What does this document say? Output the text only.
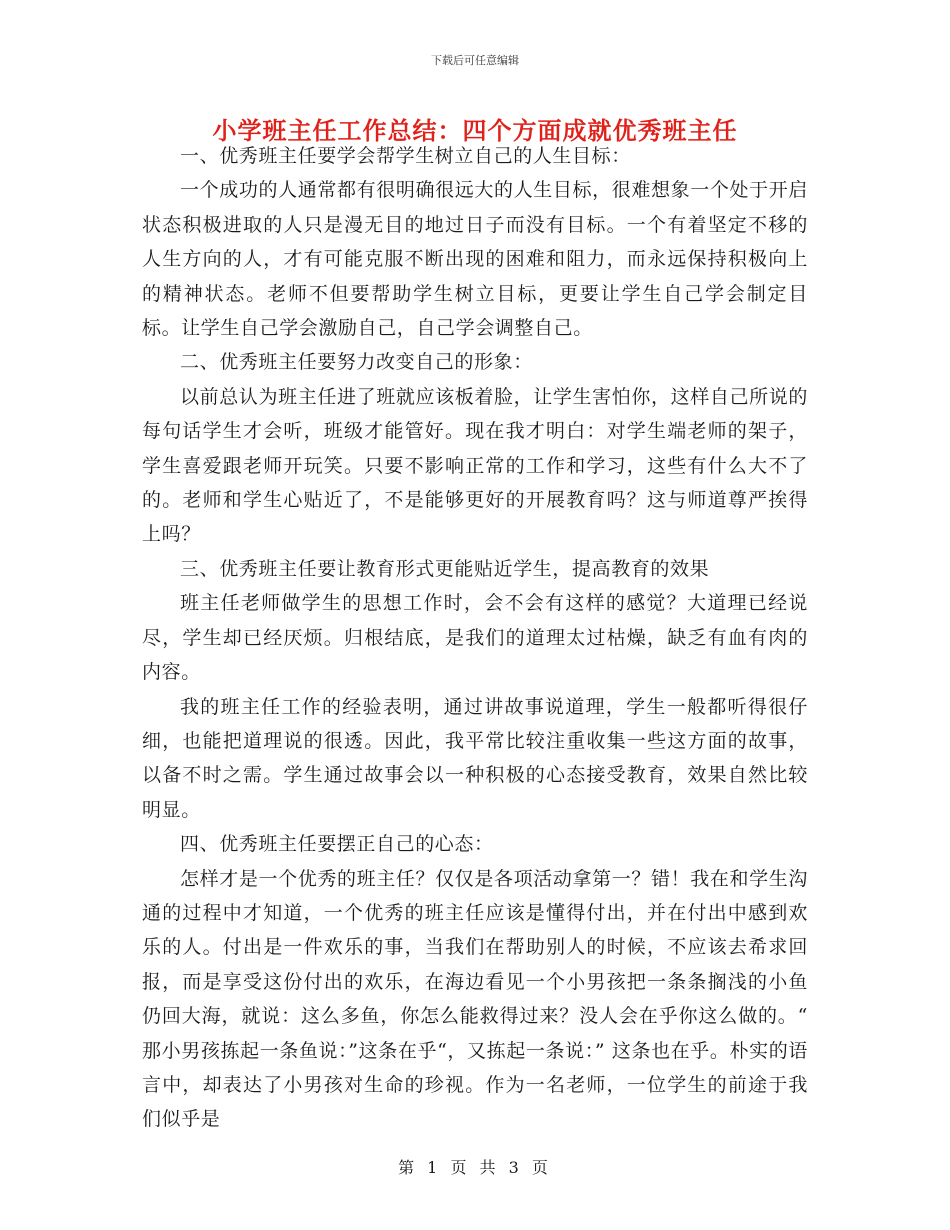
下载后可任意编辑
小学班主任工作总结：四个方面成就优秀班主任

一、优秀班主任要学会帮学生树立自己的人生目标：

一个成功的人通常都有很明确很远大的人生目标，很难想象一个处于开启状态积极进取的人只是漫无目的地过日子而没有目标。一个有着坚定不移的人生方向的人，才有可能克服不断出现的困难和阻力，而永远保持积极向上的精神状态。老师不但要帮助学生树立目标，更要让学生自己学会制定目标。让学生自己学会激励自己，自己学会调整自己。

二、优秀班主任要努力改变自己的形象：

以前总认为班主任进了班就应该板着脸，让学生害怕你，这样自己所说的每句话学生才会听，班级才能管好。现在我才明白：对学生端老师的架子，学生喜爱跟老师开玩笑。只要不影响正常的工作和学习，这些有什么大不了的。老师和学生心贴近了，不是能够更好的开展教育吗？这与师道尊严挨得上吗？

三、优秀班主任要让教育形式更能贴近学生，提高教育的效果

班主任老师做学生的思想工作时，会不会有这样的感觉？大道理已经说尽，学生却已经厌烦。归根结底，是我们的道理太过枯燥，缺乏有血有肉的内容。

我的班主任工作的经验表明，通过讲故事说道理，学生一般都听得很仔细，也能把道理说的很透。因此，我平常比较注重收集一些这方面的故事，以备不时之需。学生通过故事会以一种积极的心态接受教育，效果自然比较明显。

四、优秀班主任要摆正自己的心态：

怎样才是一个优秀的班主任？仅仅是各项活动拿第一？错！我在和学生沟通的过程中才知道，一个优秀的班主任应该是懂得付出，并在付出中感到欢乐的人。付出是一件欢乐的事，当我们在帮助别人的时候，不应该去希求回报，而是享受这份付出的欢乐，在海边看见一个小男孩把一条条搁浅的小鱼仍回大海，就说：这么多鱼，你怎么能救得过来？没人会在乎你这么做的。“ 那小男孩拣起一条鱼说：”这条在乎“，又拣起一条说：” 这条也在乎。朴实的语言中，却表达了小男孩对生命的珍视。作为一名老师，一位学生的前途于我们似乎是

第 1 页 共 3 页
